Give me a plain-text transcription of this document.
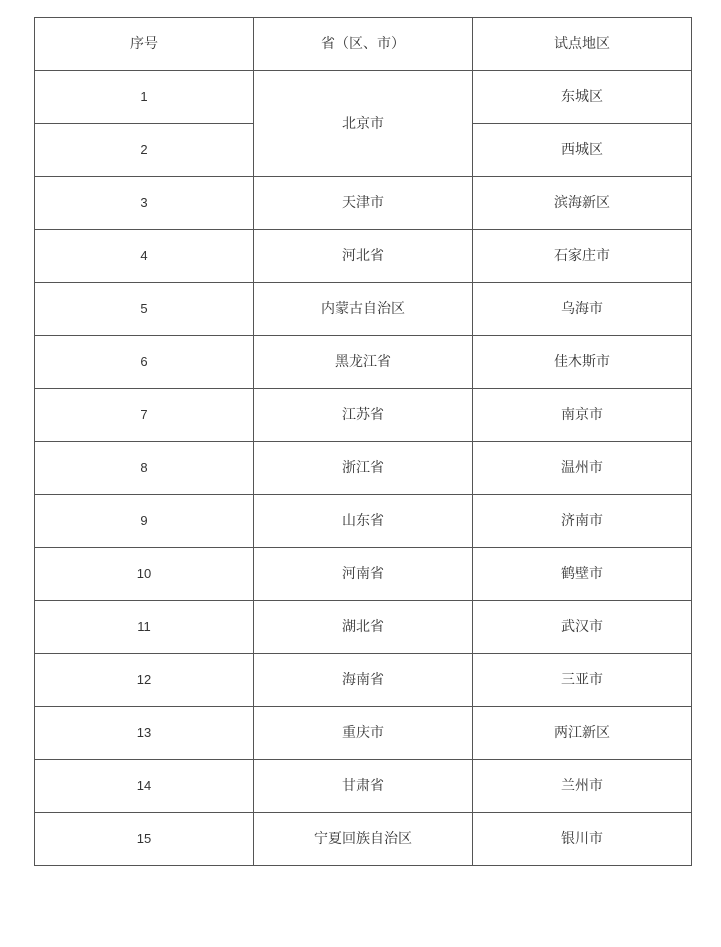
序号	省（区、市）	试点地区
1	北京市	东城区
2		西城区
3	天津市	滨海新区
4	河北省	石家庄市
5	内蒙古自治区	乌海市
6	黑龙江省	佳木斯市
7	江苏省	南京市
8	浙江省	温州市
9	山东省	济南市
10	河南省	鹤壁市
11	湖北省	武汉市
12	海南省	三亚市
13	重庆市	两江新区
14	甘肃省	兰州市
15	宁夏回族自治区	银川市
